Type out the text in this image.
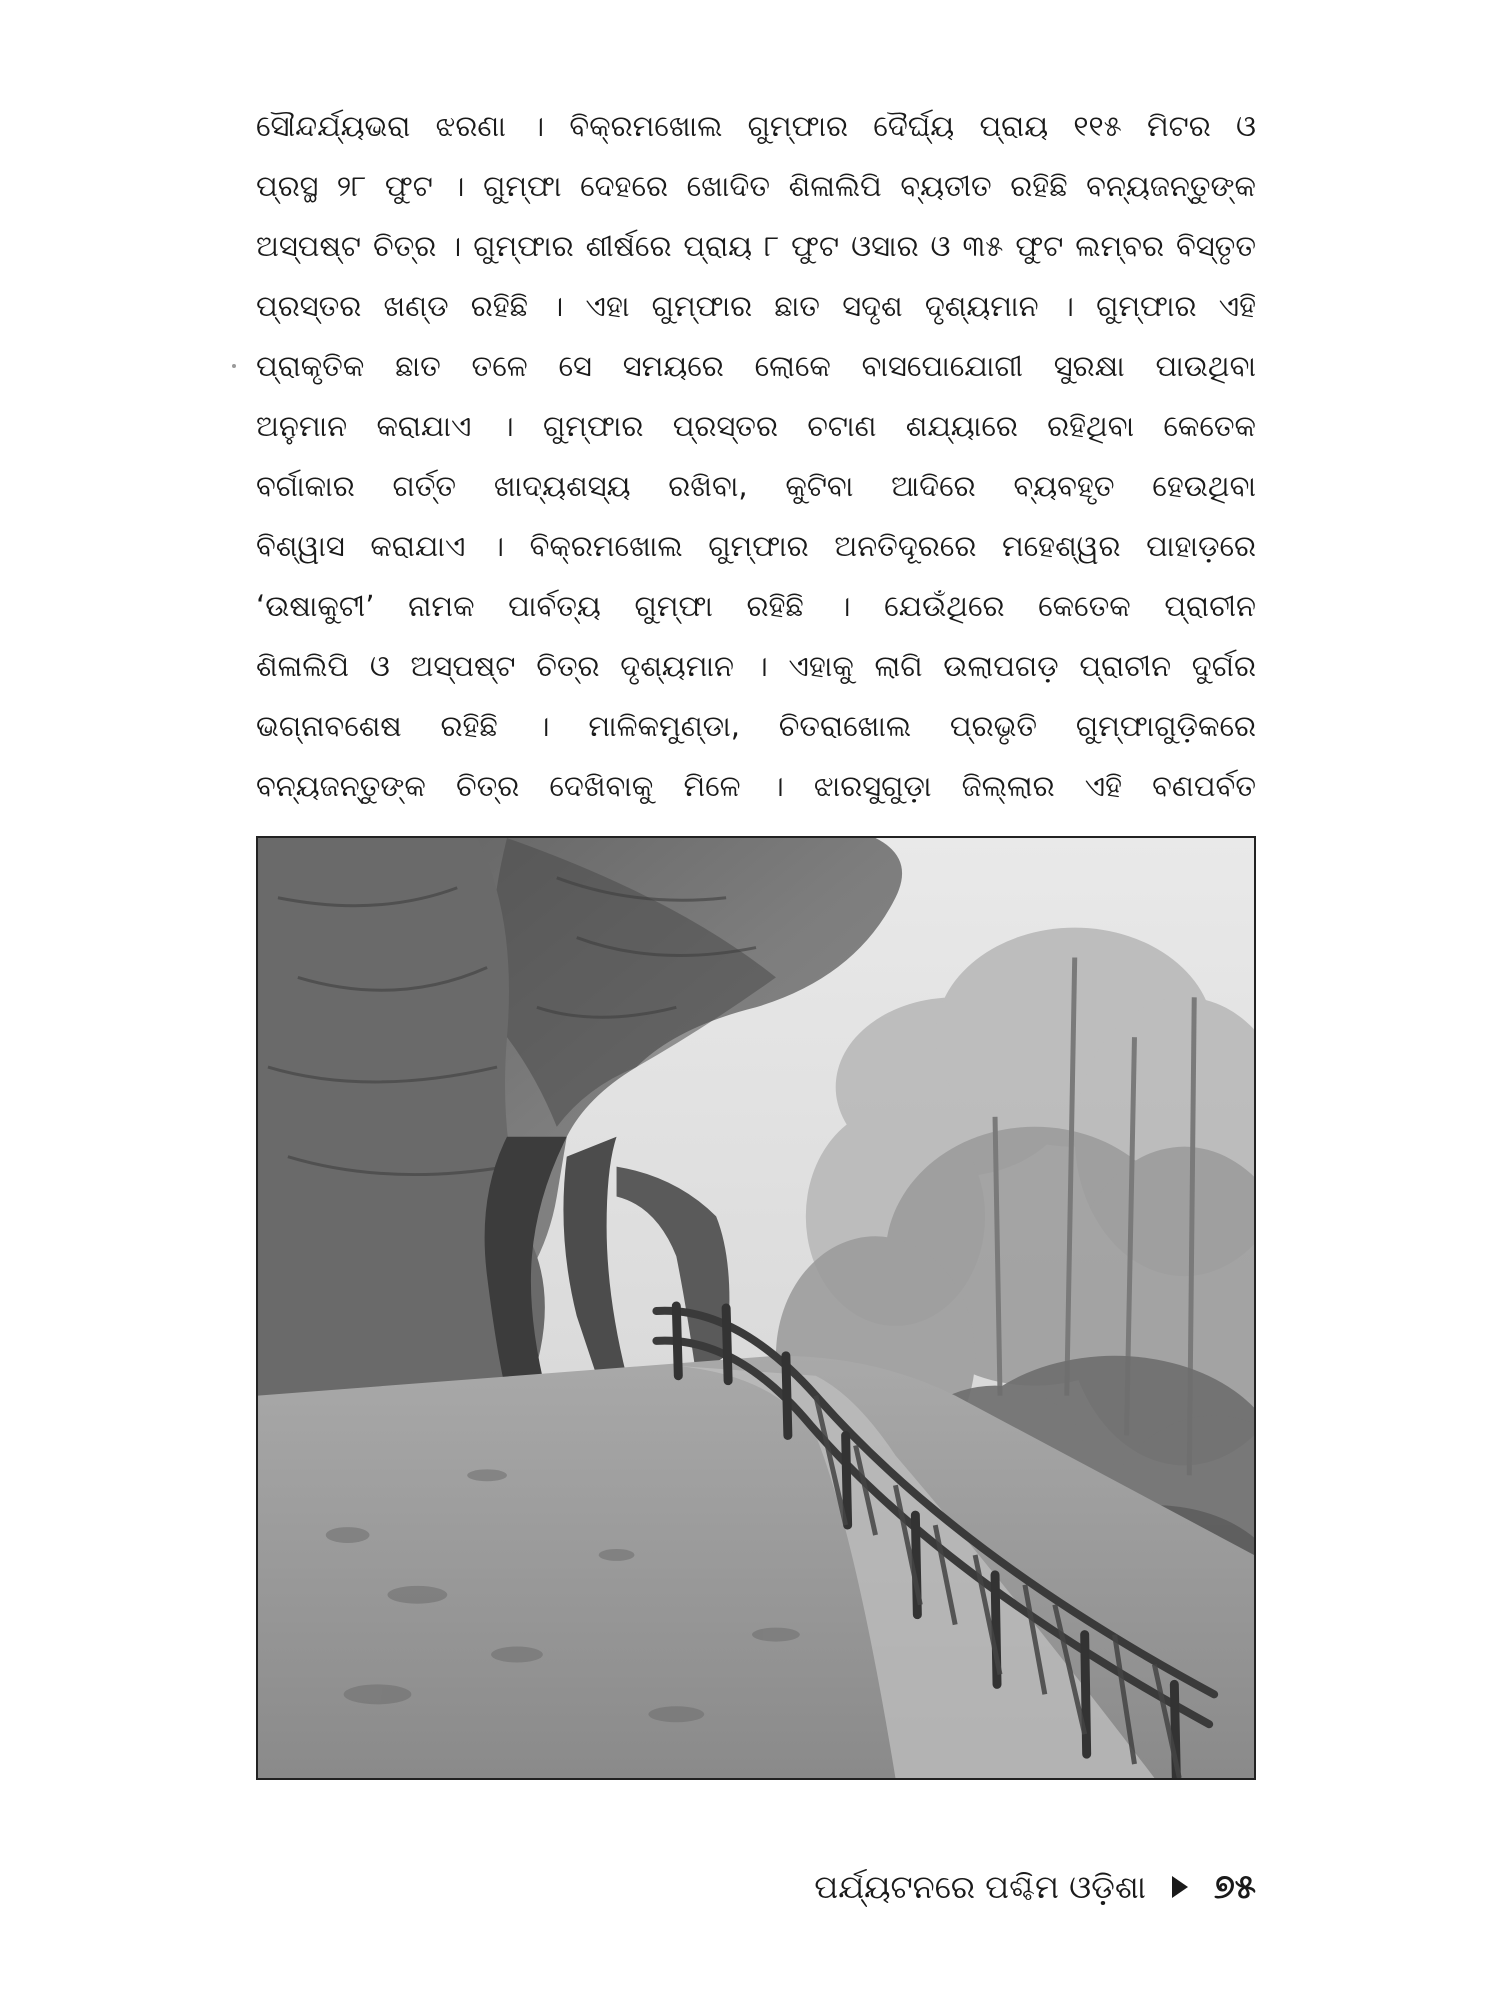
ସୌନ୍ଦର୍ଯ୍ୟଭରା ଝରଣା । ବିକ୍ରମଖୋଲ ଗୁମ୍ଫାର ଦୈର୍ଘ୍ୟ ପ୍ରାୟ ୧୧୫ ମିଟର ଓ
ପ୍ରସ୍ଥ ୨୮ ଫୁଟ । ଗୁମ୍ଫା ଦେହରେ ଖୋଦିତ ଶିଳାଲିପି ବ୍ୟତୀତ ରହିଛି ବନ୍ୟଜନ୍ତୁଙ୍କ
ଅସ୍ପଷ୍ଟ ଚିତ୍ର । ଗୁମ୍ଫାର ଶୀର୍ଷରେ ପ୍ରାୟ ୮ ଫୁଟ ଓସାର ଓ ୩୫ ଫୁଟ ଲମ୍ବର ବିସ୍ତୃତ
ପ୍ରସ୍ତର ଖଣ୍ଡ ରହିଛି । ଏହା ଗୁମ୍ଫାର ଛାତ ସଦୃଶ ଦୃଶ୍ୟମାନ । ଗୁମ୍ଫାର ଏହି
ପ୍ରାକୃତିକ ଛାତ ତଳେ ସେ ସମୟରେ ଲୋକେ ବାସପୋଯୋଗୀ ସୁରକ୍ଷା ପାଉଥିବା
ଅନୁମାନ କରାଯାଏ । ଗୁମ୍ଫାର ପ୍ରସ୍ତର ଚଟାଣ ଶଯ୍ୟାରେ ରହିଥିବା କେତେକ
ବର୍ଗାକାର ଗର୍ତ୍ତ ଖାଦ୍ୟଶସ୍ୟ ରଖିବା, କୁଟିବା ଆଦିରେ ବ୍ୟବହୃତ ହେଉଥିବା
ବିଶ୍ୱାସ କରାଯାଏ । ବିକ୍ରମଖୋଲ ଗୁମ୍ଫାର ଅନତିଦୂରରେ ମହେଶ୍ୱର ପାହାଡ଼ରେ
‘ଉଷାକୁଟୀ’ ନାମକ ପାର୍ବତ୍ୟ ଗୁମ୍ଫା ରହିଛି । ଯେଉଁଥିରେ କେତେକ ପ୍ରାଚୀନ
ଶିଳାଲିପି ଓ ଅସ୍ପଷ୍ଟ ଚିତ୍ର ଦୃଶ୍ୟମାନ । ଏହାକୁ ଲାଗି ଉଲାପଗଡ଼ ପ୍ରାଚୀନ ଦୁର୍ଗର
ଭଗ୍ନାବଶେଷ ରହିଛି । ମାଳିକମୁଣ୍ଡା, ଚିତରାଖୋଲ ପ୍ରଭୃତି ଗୁମ୍ଫାଗୁଡ଼ିକରେ
ବନ୍ୟଜନ୍ତୁଙ୍କ ଚିତ୍ର ଦେଖିବାକୁ ମିଳେ । ଝାରସୁଗୁଡ଼ା ଜିଲ୍ଲାର ଏହି ବଣପର୍ବତ
ପର୍ଯ୍ୟଟନରେ ପଶ୍ଚିମ ଓଡ଼ିଶା ୭୫
